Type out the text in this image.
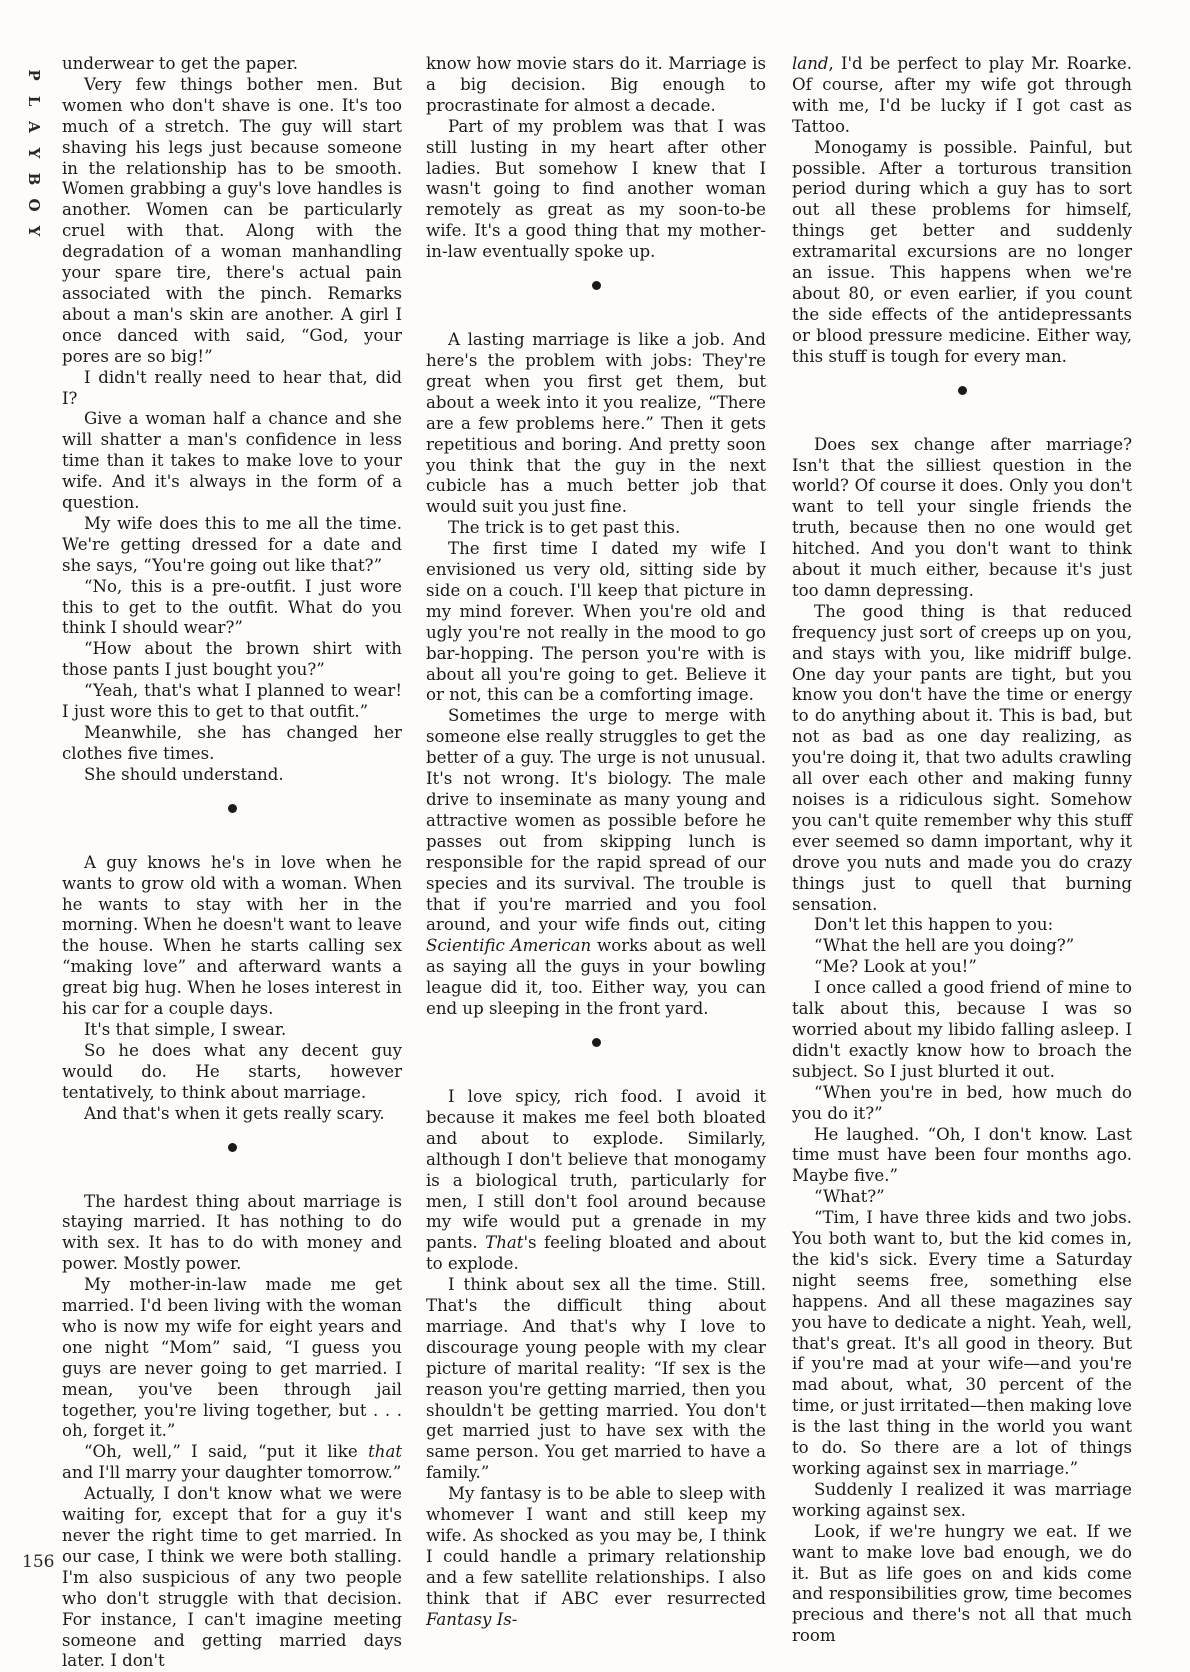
P
L
A
Y
B
O
Y
156

underwear to get the paper.

Very few things bother men. But women who don't shave is one. It's too much of a stretch. The guy will start shaving his legs just because someone in the relationship has to be smooth. Women grabbing a guy's love handles is another. Women can be particularly cruel with that. Along with the degradation of a woman manhandling your spare tire, there's actual pain associated with the pinch. Remarks about a man's skin are another. A girl I once danced with said, “God, your pores are so big!”

I didn't really need to hear that, did I?

Give a woman half a chance and she will shatter a man's confidence in less time than it takes to make love to your wife. And it's always in the form of a question.

My wife does this to me all the time. We're getting dressed for a date and she says, “You're going out like that?”

“No, this is a pre-outfit. I just wore this to get to the outfit. What do you think I should wear?”

“How about the brown shirt with those pants I just bought you?”

“Yeah, that's what I planned to wear! I just wore this to get to that outfit.”

Meanwhile, she has changed her clothes five times.

She should understand.

A guy knows he's in love when he wants to grow old with a woman. When he wants to stay with her in the morning. When he doesn't want to leave the house. When he starts calling sex “making love” and afterward wants a great big hug. When he loses interest in his car for a couple days.

It's that simple, I swear.

So he does what any decent guy would do. He starts, however tentatively, to think about marriage.

And that's when it gets really scary.

The hardest thing about marriage is staying married. It has nothing to do with sex. It has to do with money and power. Mostly power.

My mother-in-law made me get married. I'd been living with the woman who is now my wife for eight years and one night “Mom” said, “I guess you guys are never going to get married. I mean, you've been through jail together, you're living together, but . . . oh, forget it.”

“Oh, well,” I said, “put it like that and I'll marry your daughter tomorrow.”

Actually, I don't know what we were waiting for, except that for a guy it's never the right time to get married. In our case, I think we were both stalling. I'm also suspicious of any two people who don't struggle with that decision. For instance, I can't imagine meeting someone and getting married days later. I don't

know how movie stars do it. Marriage is a big decision. Big enough to procrastinate for almost a decade.

Part of my problem was that I was still lusting in my heart after other ladies. But somehow I knew that I wasn't going to find another woman remotely as great as my soon-to-be wife. It's a good thing that my mother-in-law eventually spoke up.

A lasting marriage is like a job. And here's the problem with jobs: They're great when you first get them, but about a week into it you realize, “There are a few problems here.” Then it gets repetitious and boring. And pretty soon you think that the guy in the next cubicle has a much better job that would suit you just fine.

The trick is to get past this.

The first time I dated my wife I envisioned us very old, sitting side by side on a couch. I'll keep that picture in my mind forever. When you're old and ugly you're not really in the mood to go bar-hopping. The person you're with is about all you're going to get. Believe it or not, this can be a comforting image.

Sometimes the urge to merge with someone else really struggles to get the better of a guy. The urge is not unusual. It's not wrong. It's biology. The male drive to inseminate as many young and attractive women as possible before he passes out from skipping lunch is responsible for the rapid spread of our species and its survival. The trouble is that if you're married and you fool around, and your wife finds out, citing Scientific American works about as well as saying all the guys in your bowling league did it, too. Either way, you can end up sleeping in the front yard.

I love spicy, rich food. I avoid it because it makes me feel both bloated and about to explode. Similarly, although I don't believe that monogamy is a biological truth, particularly for men, I still don't fool around because my wife would put a grenade in my pants. That's feeling bloated and about to explode.

I think about sex all the time. Still. That's the difficult thing about marriage. And that's why I love to discourage young people with my clear picture of marital reality: “If sex is the reason you're getting married, then you shouldn't be getting married. You don't get married just to have sex with the same person. You get married to have a family.”

My fantasy is to be able to sleep with whomever I want and still keep my wife. As shocked as you may be, I think I could handle a primary relationship and a few satellite relationships. I also think that if ABC ever resurrected Fantasy Is-

land, I'd be perfect to play Mr. Roarke. Of course, after my wife got through with me, I'd be lucky if I got cast as Tattoo.

Monogamy is possible. Painful, but possible. After a torturous transition period during which a guy has to sort out all these problems for himself, things get better and suddenly extramarital excursions are no longer an issue. This happens when we're about 80, or even earlier, if you count the side effects of the antidepressants or blood pressure medicine. Either way, this stuff is tough for every man.

Does sex change after marriage? Isn't that the silliest question in the world? Of course it does. Only you don't want to tell your single friends the truth, because then no one would get hitched. And you don't want to think about it much either, because it's just too damn depressing.

The good thing is that reduced frequency just sort of creeps up on you, and stays with you, like midriff bulge. One day your pants are tight, but you know you don't have the time or energy to do anything about it. This is bad, but not as bad as one day realizing, as you're doing it, that two adults crawling all over each other and making funny noises is a ridiculous sight. Somehow you can't quite remember why this stuff ever seemed so damn important, why it drove you nuts and made you do crazy things just to quell that burning sensation.

Don't let this happen to you:

“What the hell are you doing?”

“Me? Look at you!”

I once called a good friend of mine to talk about this, because I was so worried about my libido falling asleep. I didn't exactly know how to broach the subject. So I just blurted it out.

“When you're in bed, how much do you do it?”

He laughed. “Oh, I don't know. Last time must have been four months ago. Maybe five.”

“What?”

“Tim, I have three kids and two jobs. You both want to, but the kid comes in, the kid's sick. Every time a Saturday night seems free, something else happens. And all these magazines say you have to dedicate a night. Yeah, well, that's great. It's all good in theory. But if you're mad at your wife—and you're mad about, what, 30 percent of the time, or just irritated—then making love is the last thing in the world you want to do. So there are a lot of things working against sex in marriage.”

Suddenly I realized it was marriage working against sex.

Look, if we're hungry we eat. If we want to make love bad enough, we do it. But as life goes on and kids come and responsibilities grow, time becomes precious and there's not all that much room
